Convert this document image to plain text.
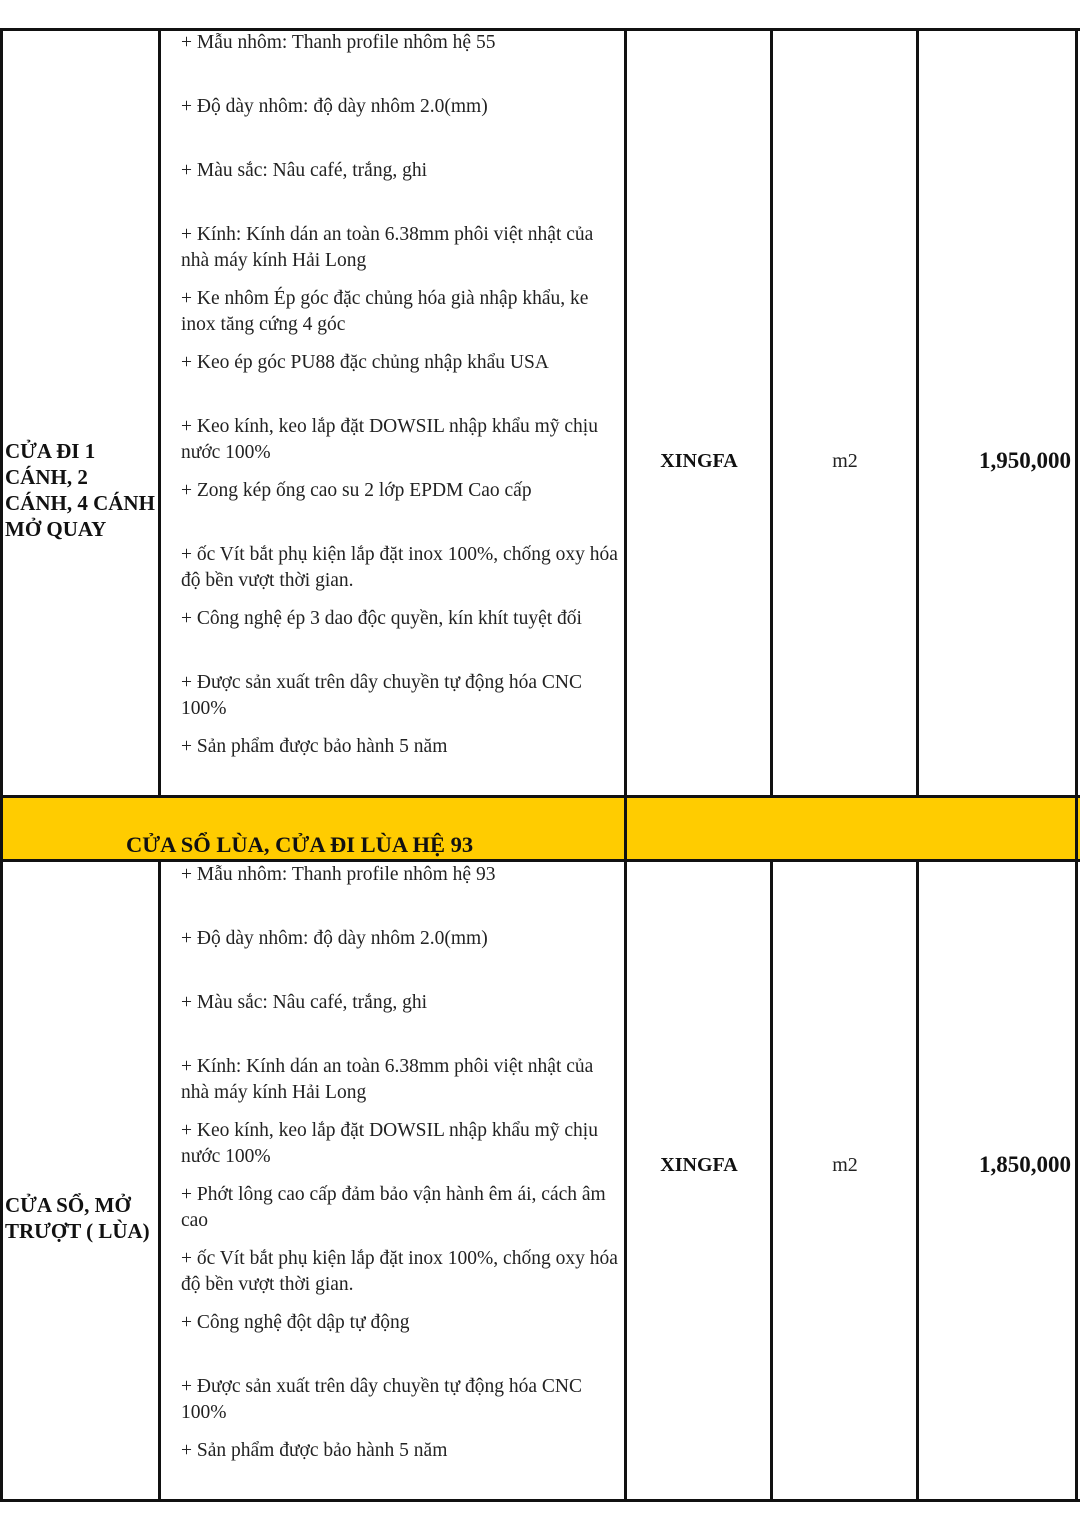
CỬA ĐI 1 CÁNH, 2 CÁNH, 4 CÁNH MỞ QUAY
+ Mẫu nhôm: Thanh profile nhôm hệ 55
+ Độ dày nhôm: độ dày nhôm 2.0(mm)
+ Màu sắc: Nâu café, trắng, ghi
+ Kính: Kính dán an toàn 6.38mm phôi việt nhật của nhà máy kính Hải Long
+ Ke nhôm Ép góc đặc chủng hóa già nhập khẩu, ke inox tăng cứng 4 góc
+ Keo ép góc PU88 đặc chủng nhập khẩu USA
+ Keo kính, keo lắp đặt DOWSIL nhập khẩu mỹ chịu nước 100%
+ Zong kép ống cao su 2 lớp EPDM Cao cấp
+ ốc Vít bắt phụ kiện lắp đặt inox 100%, chống oxy hóa độ bền vượt thời gian.
+ Công nghệ ép 3 dao độc quyền, kín khít tuyệt đối
+ Được sản xuất trên dây chuyền tự động hóa CNC 100%
+ Sản phẩm được bảo hành 5 năm
XINGFA	m2	1,950,000
CỬA SỔ LÙA, CỬA ĐI LÙA HỆ 93
CỬA SỔ, MỞ TRƯỢT ( LÙA)
+ Mẫu nhôm: Thanh profile nhôm hệ 93
+ Độ dày nhôm: độ dày nhôm 2.0(mm)
+ Màu sắc: Nâu café, trắng, ghi
+ Kính: Kính dán an toàn 6.38mm phôi việt nhật của nhà máy kính Hải Long
+ Keo kính, keo lắp đặt DOWSIL nhập khẩu mỹ chịu nước 100%
+ Phớt lông cao cấp đảm bảo vận hành êm ái, cách âm cao
+ ốc Vít bắt phụ kiện lắp đặt inox 100%, chống oxy hóa độ bền vượt thời gian.
+ Công nghệ đột dập tự động
+ Được sản xuất trên dây chuyền tự động hóa CNC 100%
+ Sản phẩm được bảo hành 5 năm
XINGFA	m2	1,850,000
